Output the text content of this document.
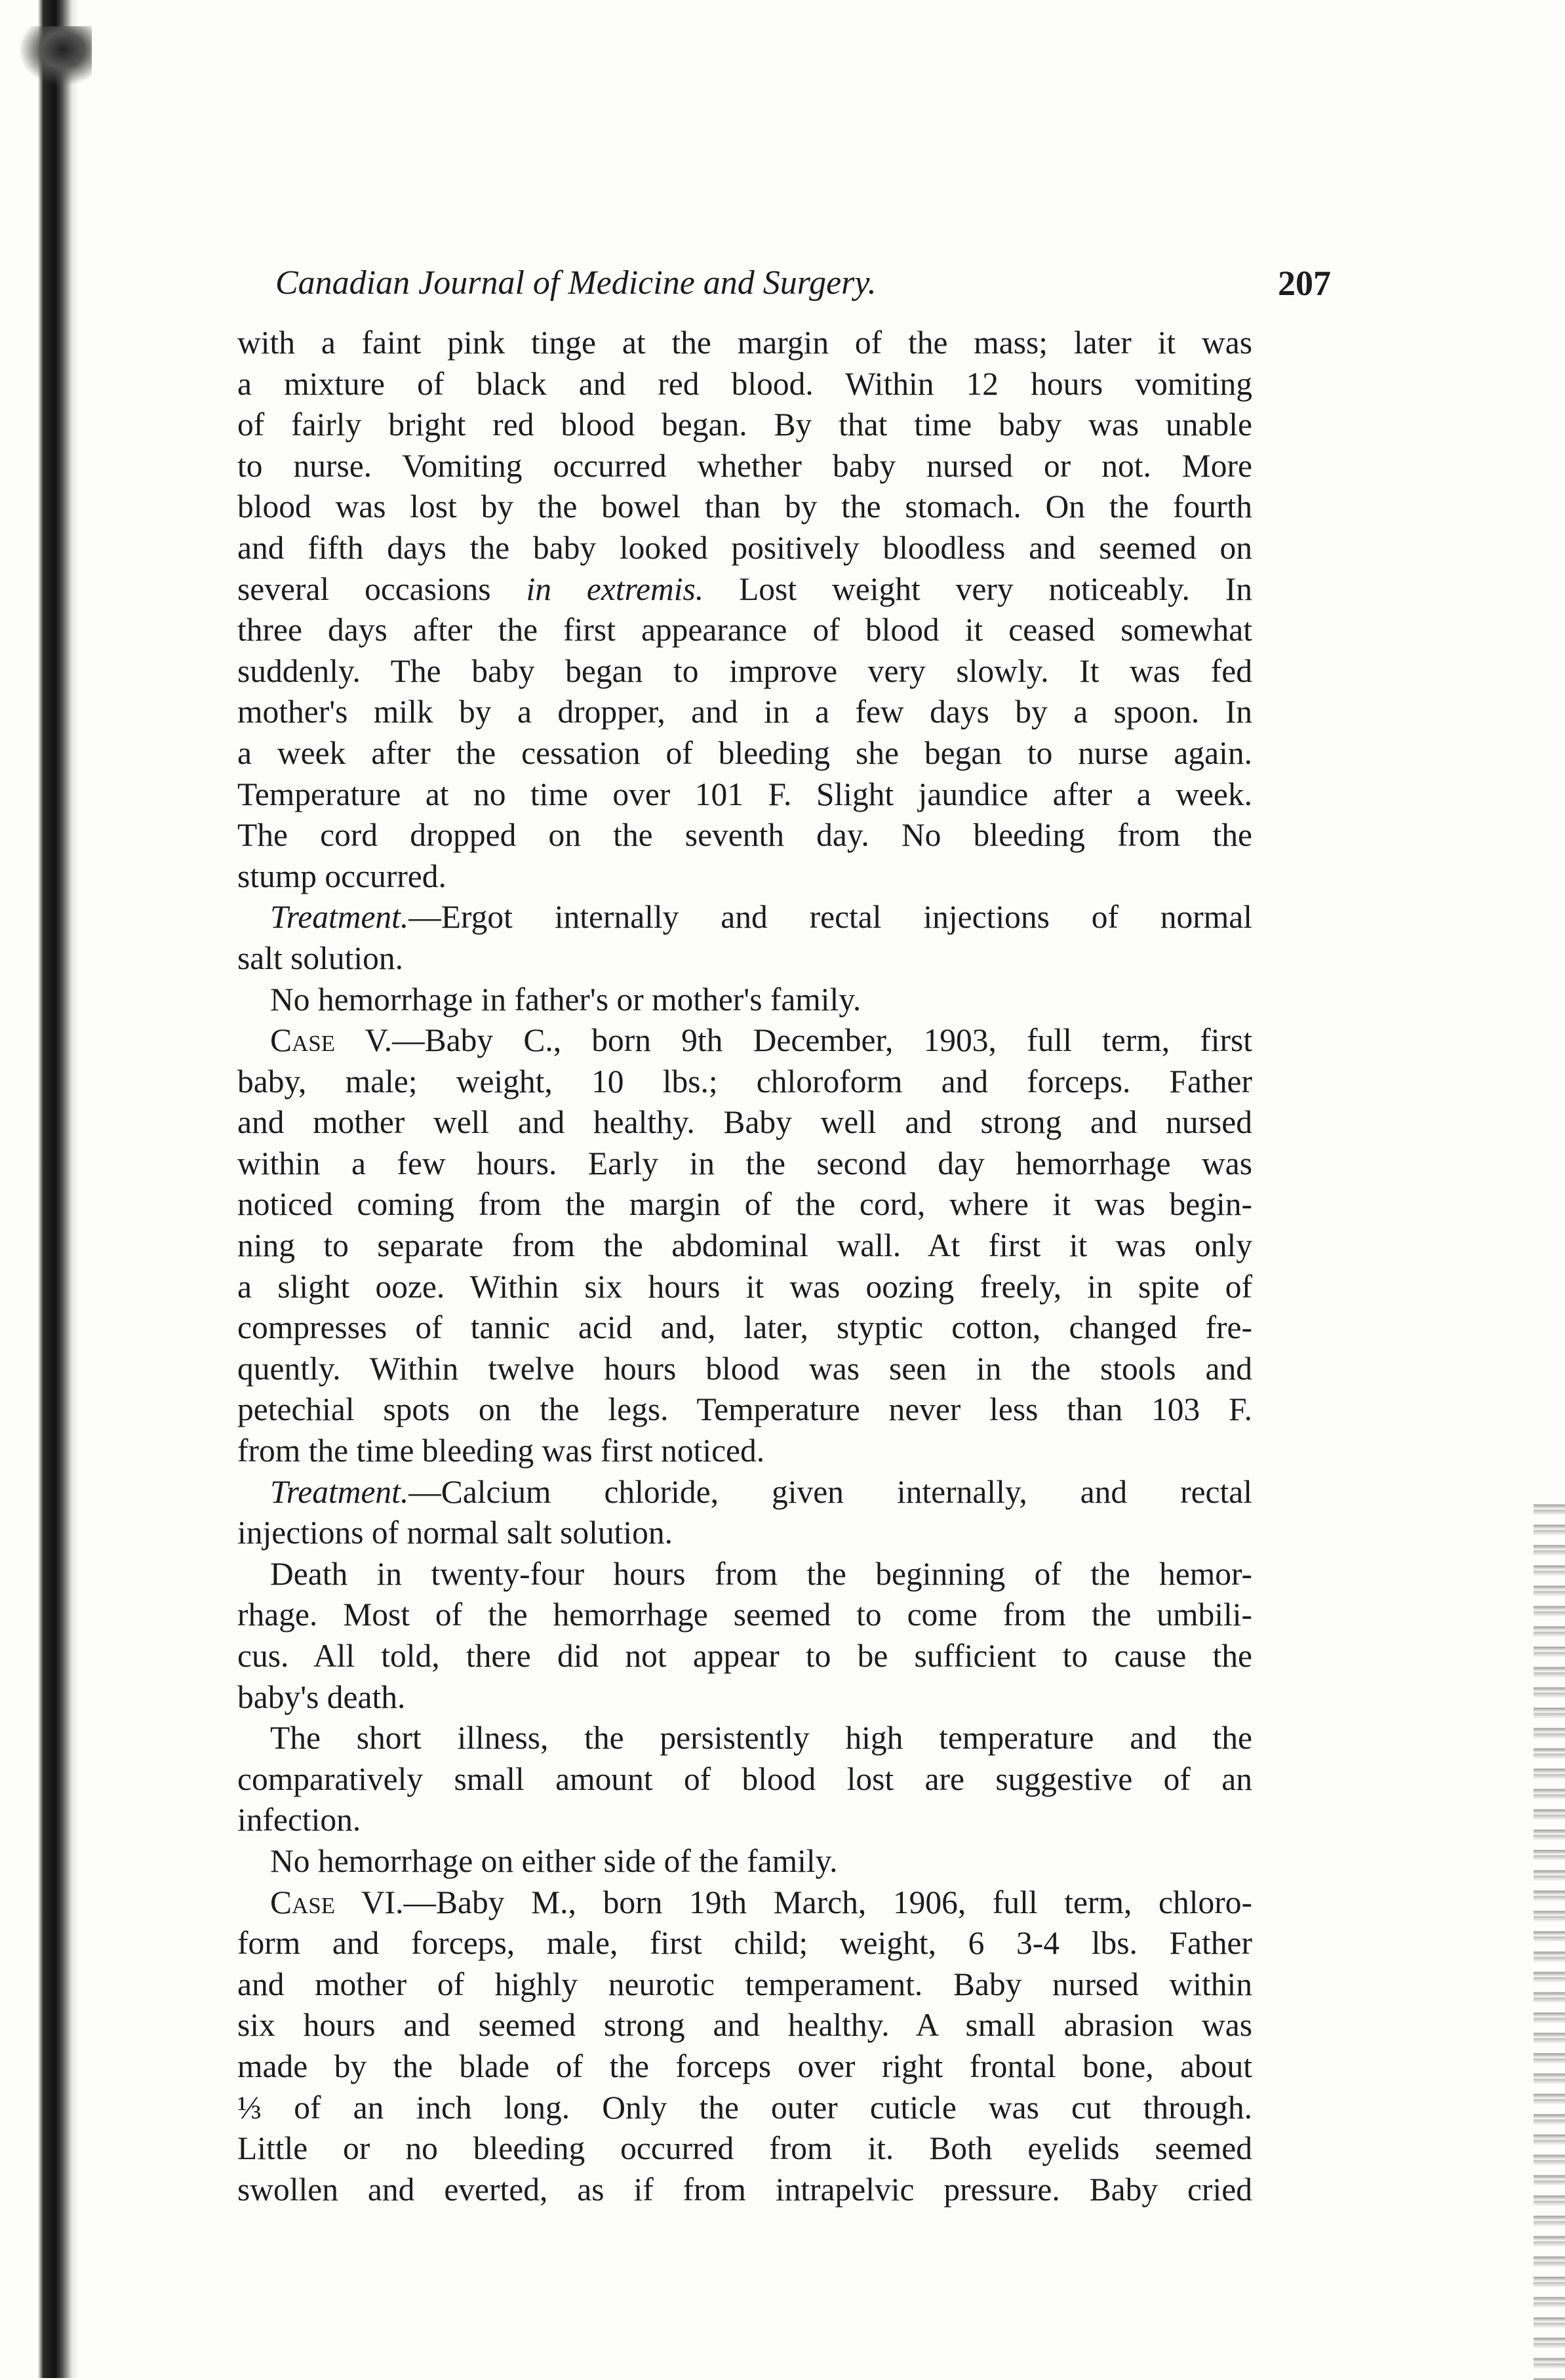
Canadian Journal of Medicine and Surgery.	207
with a faint pink tinge at the margin of the mass; later it was
a mixture of black and red blood. Within 12 hours vomiting
of fairly bright red blood began. By that time baby was unable
to nurse. Vomiting occurred whether baby nursed or not. More
blood was lost by the bowel than by the stomach. On the fourth
and fifth days the baby looked positively bloodless and seemed on
several occasions in extremis. Lost weight very noticeably. In
three days after the first appearance of blood it ceased somewhat
suddenly. The baby began to improve very slowly. It was fed
mother's milk by a dropper, and in a few days by a spoon. In
a week after the cessation of bleeding she began to nurse again.
Temperature at no time over 101 F. Slight jaundice after a week.
The cord dropped on the seventh day. No bleeding from the
stump occurred.
Treatment.—Ergot internally and rectal injections of normal
salt solution.
No hemorrhage in father's or mother's family.
Case V.—Baby C., born 9th December, 1903, full term, first
baby, male; weight, 10 lbs.; chloroform and forceps. Father
and mother well and healthy. Baby well and strong and nursed
within a few hours. Early in the second day hemorrhage was
noticed coming from the margin of the cord, where it was begin-
ning to separate from the abdominal wall. At first it was only
a slight ooze. Within six hours it was oozing freely, in spite of
compresses of tannic acid and, later, styptic cotton, changed fre-
quently. Within twelve hours blood was seen in the stools and
petechial spots on the legs. Temperature never less than 103 F.
from the time bleeding was first noticed.
Treatment.—Calcium chloride, given internally, and rectal
injections of normal salt solution.
Death in twenty-four hours from the beginning of the hemor-
rhage. Most of the hemorrhage seemed to come from the umbili-
cus. All told, there did not appear to be sufficient to cause the
baby's death.
The short illness, the persistently high temperature and the
comparatively small amount of blood lost are suggestive of an
infection.
No hemorrhage on either side of the family.
Case VI.—Baby M., born 19th March, 1906, full term, chloro-
form and forceps, male, first child; weight, 6 3-4 lbs. Father
and mother of highly neurotic temperament. Baby nursed within
six hours and seemed strong and healthy. A small abrasion was
made by the blade of the forceps over right frontal bone, about
⅓ of an inch long. Only the outer cuticle was cut through.
Little or no bleeding occurred from it. Both eyelids seemed
swollen and everted, as if from intrapelvic pressure. Baby cried
